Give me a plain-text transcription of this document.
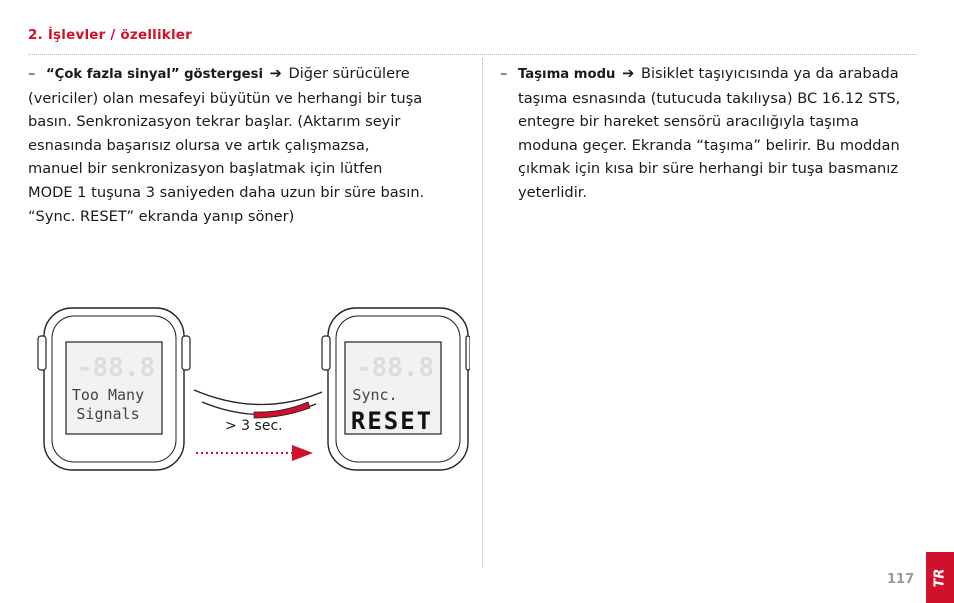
2. İşlevler / özellikler
– “Çok fazla sinyal” göstergesi ➔ Diğer sürücülere
(vericiler) olan mesafeyi büyütün ve herhangi bir tuşa
basın. Senkronizasyon tekrar başlar. (Aktarım seyir
esnasında başarısız olursa ve artık çalışmazsa,
manuel bir senkronizasyon başlatmak için lütfen
MODE 1 tuşuna 3 saniyeden daha uzun bir süre basın.
“Sync. RESET” ekranda yanıp söner)
– Taşıma modu ➔ Bisiklet taşıyıcısında ya da arabada
taşıma esnasında (tutucuda takılıysa) BC 16.12 STS,
entegre bir hareket sensörü aracılığıyla taşıma
moduna geçer. Ekranda “taşıma” belirir. Bu moddan
çıkmak için kısa bir süre herhangi bir tuşa basmanız
yeterlidir.
-88.8
Too Many
Signals
-88.8
Sync.
RESET
> 3 sec.
117 TR
